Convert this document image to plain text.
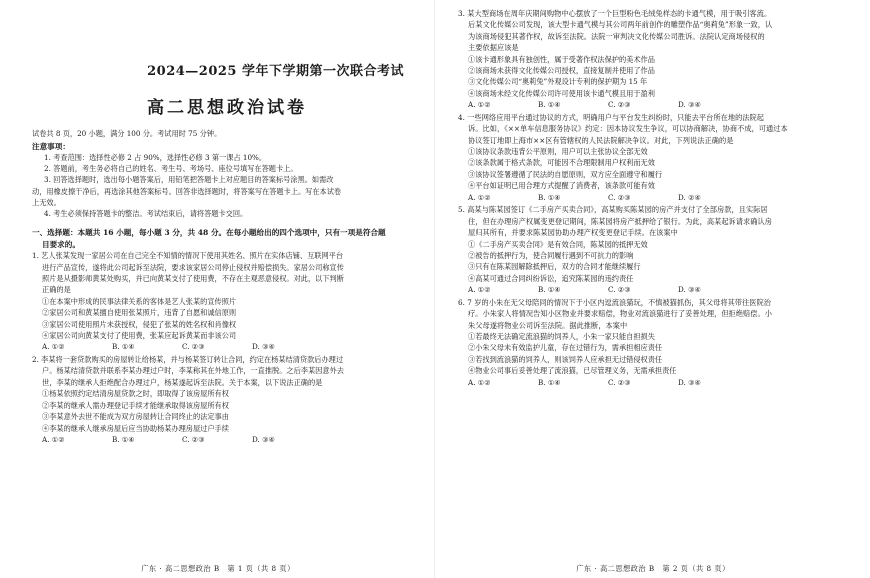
2024—2025 学年下学期第一次联合考试
高二思想政治试卷

试卷共 8 页，20 小题，满分 100 分。考试用时 75 分钟。

注意事项：

1. 考查范围：选择性必修 2 占 90%，选择性必修 3 第一课占 10%。

2. 答题前，考生务必将自己的姓名、考生号、考场号、座位号填写在答题卡上。

3. 回答选择题时，选出每小题答案后，用铅笔把答题卡上对应题目的答案标号涂黑。如需改

动，用橡皮擦干净后，再选涂其他答案标号。回答非选择题时，将答案写在答题卡上。写在本试卷

上无效。

4. 考生必须保持答题卡的整洁。考试结束后，请将答题卡交回。

一、选择题：本题共 16 小题，每小题 3 分，共 48 分。在每小题给出的四个选项中，只有一项是符合题
目要求的。

1. 艺人张某发现一家居公司在自己完全不知情的情况下使用其姓名、照片在实体店铺、互联网平台

进行产品宣传，遂将此公司起诉至法院，要求该家居公司停止侵权并赔偿损失。家居公司称宣传

照片是从摄影师黄某处购买，并已向黄某支付了使用费，不存在主观恶意侵权。对此，以下判断

正确的是

①在本案中形成的民事法律关系的客体是艺人张某的宣传照片

②家居公司和黄某擅自使用张某照片，违背了自愿和诚信原则

③家居公司使用照片未获授权，侵犯了张某的姓名权和肖像权

④家居公司向黄某支付了使用费，张某应起诉黄某而非该公司

A. ①②	B. ①④	C. ②③	D. ③④

2. 李某将一套贷款购买的房屋转让给杨某，并与杨某签订转让合同，约定在杨某结清贷款后办理过

户。杨某结清贷款并联系李某办理过户时，李某称其在外地工作，一直推脱。之后李某因意外去

世，李某的继承人拒绝配合办理过户，杨某遂起诉至法院。关于本案，以下说法正确的是

①杨某依照约定结清房屋贷款之时，即取得了该房屋所有权

②李某的继承人需办理登记手续才能继承取得该房屋所有权

③李某意外去世不能成为双方房屋转让合同终止的法定事由

④李某的继承人继承房屋后应当协助杨某办理房屋过户手续

A. ①②	B. ①④	C. ②③	D. ③④
广东 · 高二思想政治 B　第 1 页（共 8 页）

3. 某大型商场在周年庆期间购物中心摆放了一个巨型粉色毛绒兔样态的卡通气模，用于吸引客流。

后某文化传媒公司发现，该大型卡通气模与其公司两年前创作的雕塑作品“奥莉兔”形象一致，认

为该商场侵犯其著作权，故诉至法院。法院一审判决文化传媒公司胜诉。法院认定商场侵权的

主要依据应该是

①该卡通形象具有独创性，属于受著作权法保护的美术作品

②该商场未获得文化传媒公司授权，直接复制并使用了作品

③文化传媒公司“奥莉兔”外观设计专利的保护期为 15 年

④该商场未经文化传媒公司许可使用该卡通气模且用于盈利

A. ①②	B. ①④	C. ②③	D. ③④

4. 一些网络应用平台通过协议的方式，明确用户与平台发生纠纷时，只能去平台所在地的法院起

诉。比如，《××单车信息服务协议》约定：因本协议发生争议，可以协商解决，协商不成，可通过本

协议签订地即上海市××区有管辖权的人民法院解决争议。对此，下列说法正确的是

①该协议条款违背公平原则，用户可以主张协议全部无效

②该条款属于格式条款，可能因不合理限制用户权利而无效

③该协议签署遵循了民法的自愿原则，双方应全面遵守和履行

④平台如证明已用合理方式提醒了消费者，该条款可能有效

A. ①②	B. ①④	C. ②③	D. ②④

5. 高某与陈某园签订《二手房产买卖合同》，高某购买陈某园的房产并支付了全部房款，且实际居

住，但在办理房产权属变更登记期间，陈某园将房产抵押给了银行。为此，高某起诉请求确认房

屋归其所有，并要求陈某园协助办理产权变更登记手续。在该案中

①《二手房产买卖合同》是有效合同，陈某园的抵押无效

②被告的抵押行为，使合同履行遇到不可抗力的影响

③只有在陈某园解除抵押后，双方的合同才能继续履行

④高某可通过合同纠纷诉讼，追究陈某园的违约责任

A. ①②	B. ①④	C. ②③	D. ③④

6. 7 岁的小朱在无父母陪同的情况下于小区内逗流浪猫玩，不慎被猫抓伤，其父母将其带往医院治

疗。小朱家人将情况告知小区物业并要求赔偿，物业对流浪猫进行了妥善处理，但拒绝赔偿。小

朱父母遂将物业公司诉至法院。据此推断，本案中

①若最终无法确定流浪猫的饲养人，小朱一家只能自担损失

②小朱父母未有效监护儿童，存在过错行为，需承担相应责任

③若找到流浪猫的饲养人，则该饲养人应承担无过错侵权责任

④物业公司事后妥善处理了流浪猫，已尽管理义务，无需承担责任

A. ①②	B. ①④	C. ②③	D. ③④
广东 · 高二思想政治 B　第 2 页（共 8 页）
